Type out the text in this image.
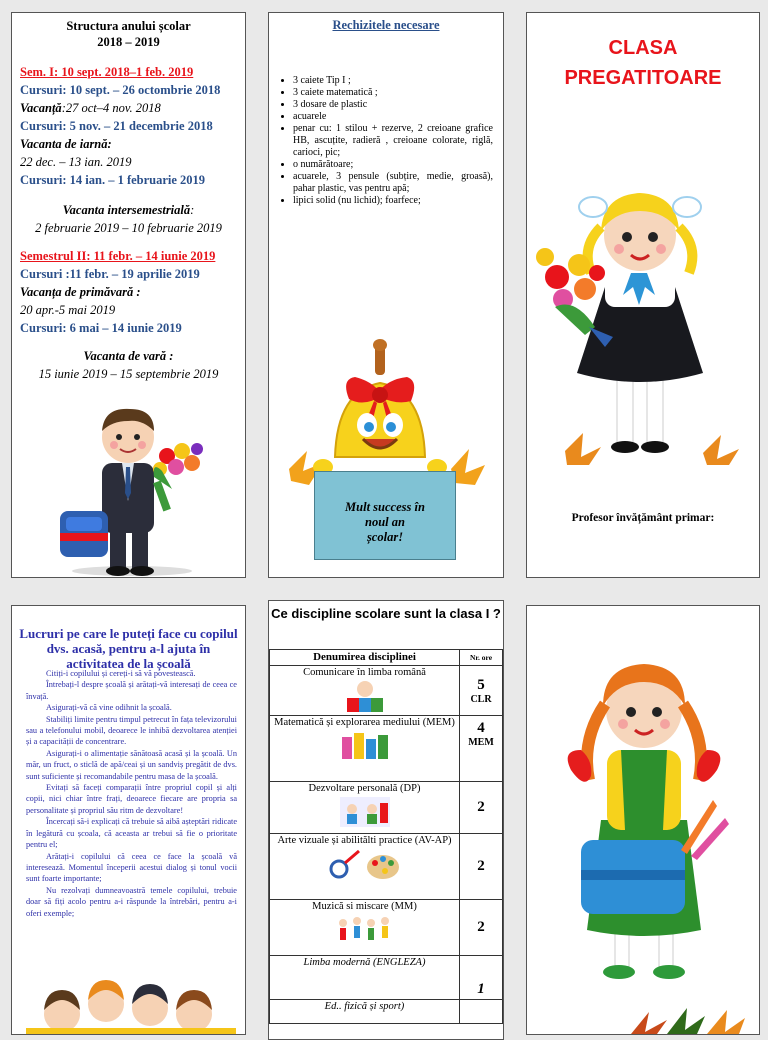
Structura anului școlar
2018 – 2019
Sem. I: 10 sept. 2018–1 feb. 2019
Cursuri: 10 sept. – 26 octombrie 2018
Vacanță:27 oct–4 nov. 2018
Cursuri: 5 nov. – 21 decembrie 2018
Vacanta de iarnă:
22 dec. – 13 ian. 2019
Cursuri: 14 ian. – 1 februarie 2019
Vacanta intersemestrială:
2 februarie 2019 – 10 februarie 2019
Semestrul II: 11 febr. – 14 iunie 2019
Cursuri :11 febr. – 19 aprilie 2019
Vacanța de primăvară :
20 apr.-5 mai 2019
Cursuri: 6 mai – 14 iunie 2019
Vacanta de vară :
15 iunie 2019 – 15 septembrie 2019
Rechizitele necesare
• 3 caiete Tip I ;
• 3 caiete matematică ;
• 3 dosare de plastic
• acuarele
• penar cu: 1 stilou + rezerve, 2 creioane grafice HB, ascuțite, radieră , creioane colorate, riglă, carioci, pic;
• o numărătoare;
• acuarele, 3 pensule (subțire, medie, groasă), pahar plastic, vas pentru apă;
• lipici solid (nu lichid); foarfece;
Mult success în
noul an
școlar!
CLASA
PREGATITOARE
Profesor învățământ primar:
Lucruri pe care le puteți face cu copilul dvs. acasă, pentru a-l ajuta în activitatea de la școală

Citiți-i copilului și cereți-i să vă povestească.

Întrebați-l despre școală și arătați-vă interesați de ceea ce învață.

Asigurați-vă că vine odihnit la școală.

Stabiliți limite pentru timpul petrecut în fața televizorului sau a telefonului mobil, deoarece le inhibă dezvoltarea atenției și a capacității de concentrare.

Asigurați-i o alimentație sănătoasă acasă și la școală. Un măr, un fruct, o sticlă de apă/ceai și un sandviș pregătit de dvs. sunt suficiente și recomandabile pentru masa de la școală.

Evitați să faceți comparații între propriul copil și alți copii, nici chiar între frați, deoarece fiecare are propria sa personalitate și propriul său ritm de dezvoltare!

Încercați să-i explicați că trebuie să aibă așteptări ridicate în legătură cu școala, că aceasta ar trebui să fie o prioritate pentru el;

Arătați-i copilului că ceea ce face la școală vă interesează. Momentul începerii acestui dialog și tonul vocii sunt foarte importante;

Nu rezolvați dumneavoastră temele copilului, trebuie doar să fiți acolo pentru a-i răspunde la întrebări, pentru a-i oferi exemple;

Ce discipline scolare sunt la clasa I ?
Denumirea disciplinei	Nr. ore
Comunicare în limba română	5
CLR

Matematică și explorarea mediului (MEM)	4
MEM

Dezvoltare personală (DP)	2

Arte vizuale și abilitălti practice (AV-AP)	2

Muzică si miscare (MM)	2

Limba modernă (ENGLEZA)	1

Ed.. fizică și sport)	
